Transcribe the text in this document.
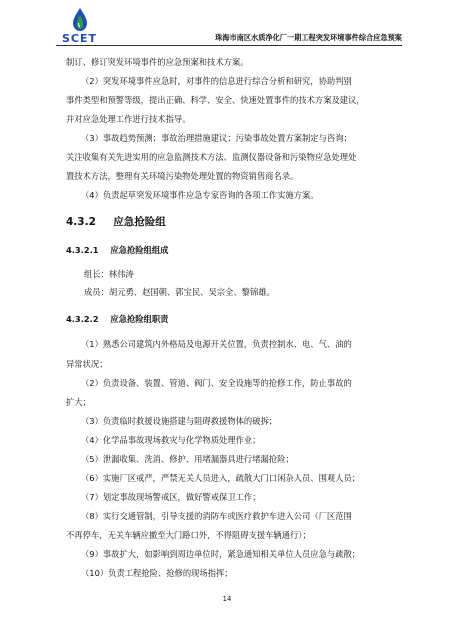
SCET	珠海市南区水质净化厂一期工程突发环境事件综合应急预案
制订、修订突发环境事件的应急预案和技术方案。
（2）突发环境事件应急时，对事件的信息进行综合分析和研究，协助判别
事件类型和预警等级，提出正确、科学、安全、快速处置事件的技术方案及建议，
并对应急处理工作进行技术指导。
（3）事故趋势预测；事故治理措施建议；污染事故处置方案制定与咨询；
关注收集有关先进实用的应急监测技术方法、监测仪器设备和污染物应急处理处
置技术方法，整理有关环境污染物处理处置的物资销售商名录。
（4）负责起草突发环境事件应急专家咨询的各项工作实施方案。
4.3.2 应急抢险组
4.3.2.1 应急抢险组组成
组长：林伟涛
成员：胡元勇、赵国朝、郭宝民、吴宗全、黎锦雄。
4.3.2.2 应急抢险组职责
（1）熟悉公司建筑内外格局及电源开关位置，负责控制水、电、气、油的
异常状况；
（2）负责设备、装置、管道、阀门、安全设施等的抢修工作，防止事故的
扩大；
（3）负责临时救援设施搭建与阻碍救援物体的破拆；
（4）化学品事故现场救灾与化学物质处理作业；
（5）泄漏收集、洗消、修护、用堵漏器具进行堵漏抢险；
（6）实施厂区戒严，严禁无关人员进入，疏散大门口闲杂人员、围观人员；
（7）划定事故现场警戒区，做好警戒保卫工作；
（8）实行交通管制，引导支援的消防车或医疗救护车进入公司（厂区范围
不再停车，无关车辆应撤至大门路口外，不得阻碍支援车辆通行）；
（9）事故扩大，如影响到周边单位时，紧急通知相关单位人员应急与疏散；
（10）负责工程抢险、抢修的现场指挥；
14
